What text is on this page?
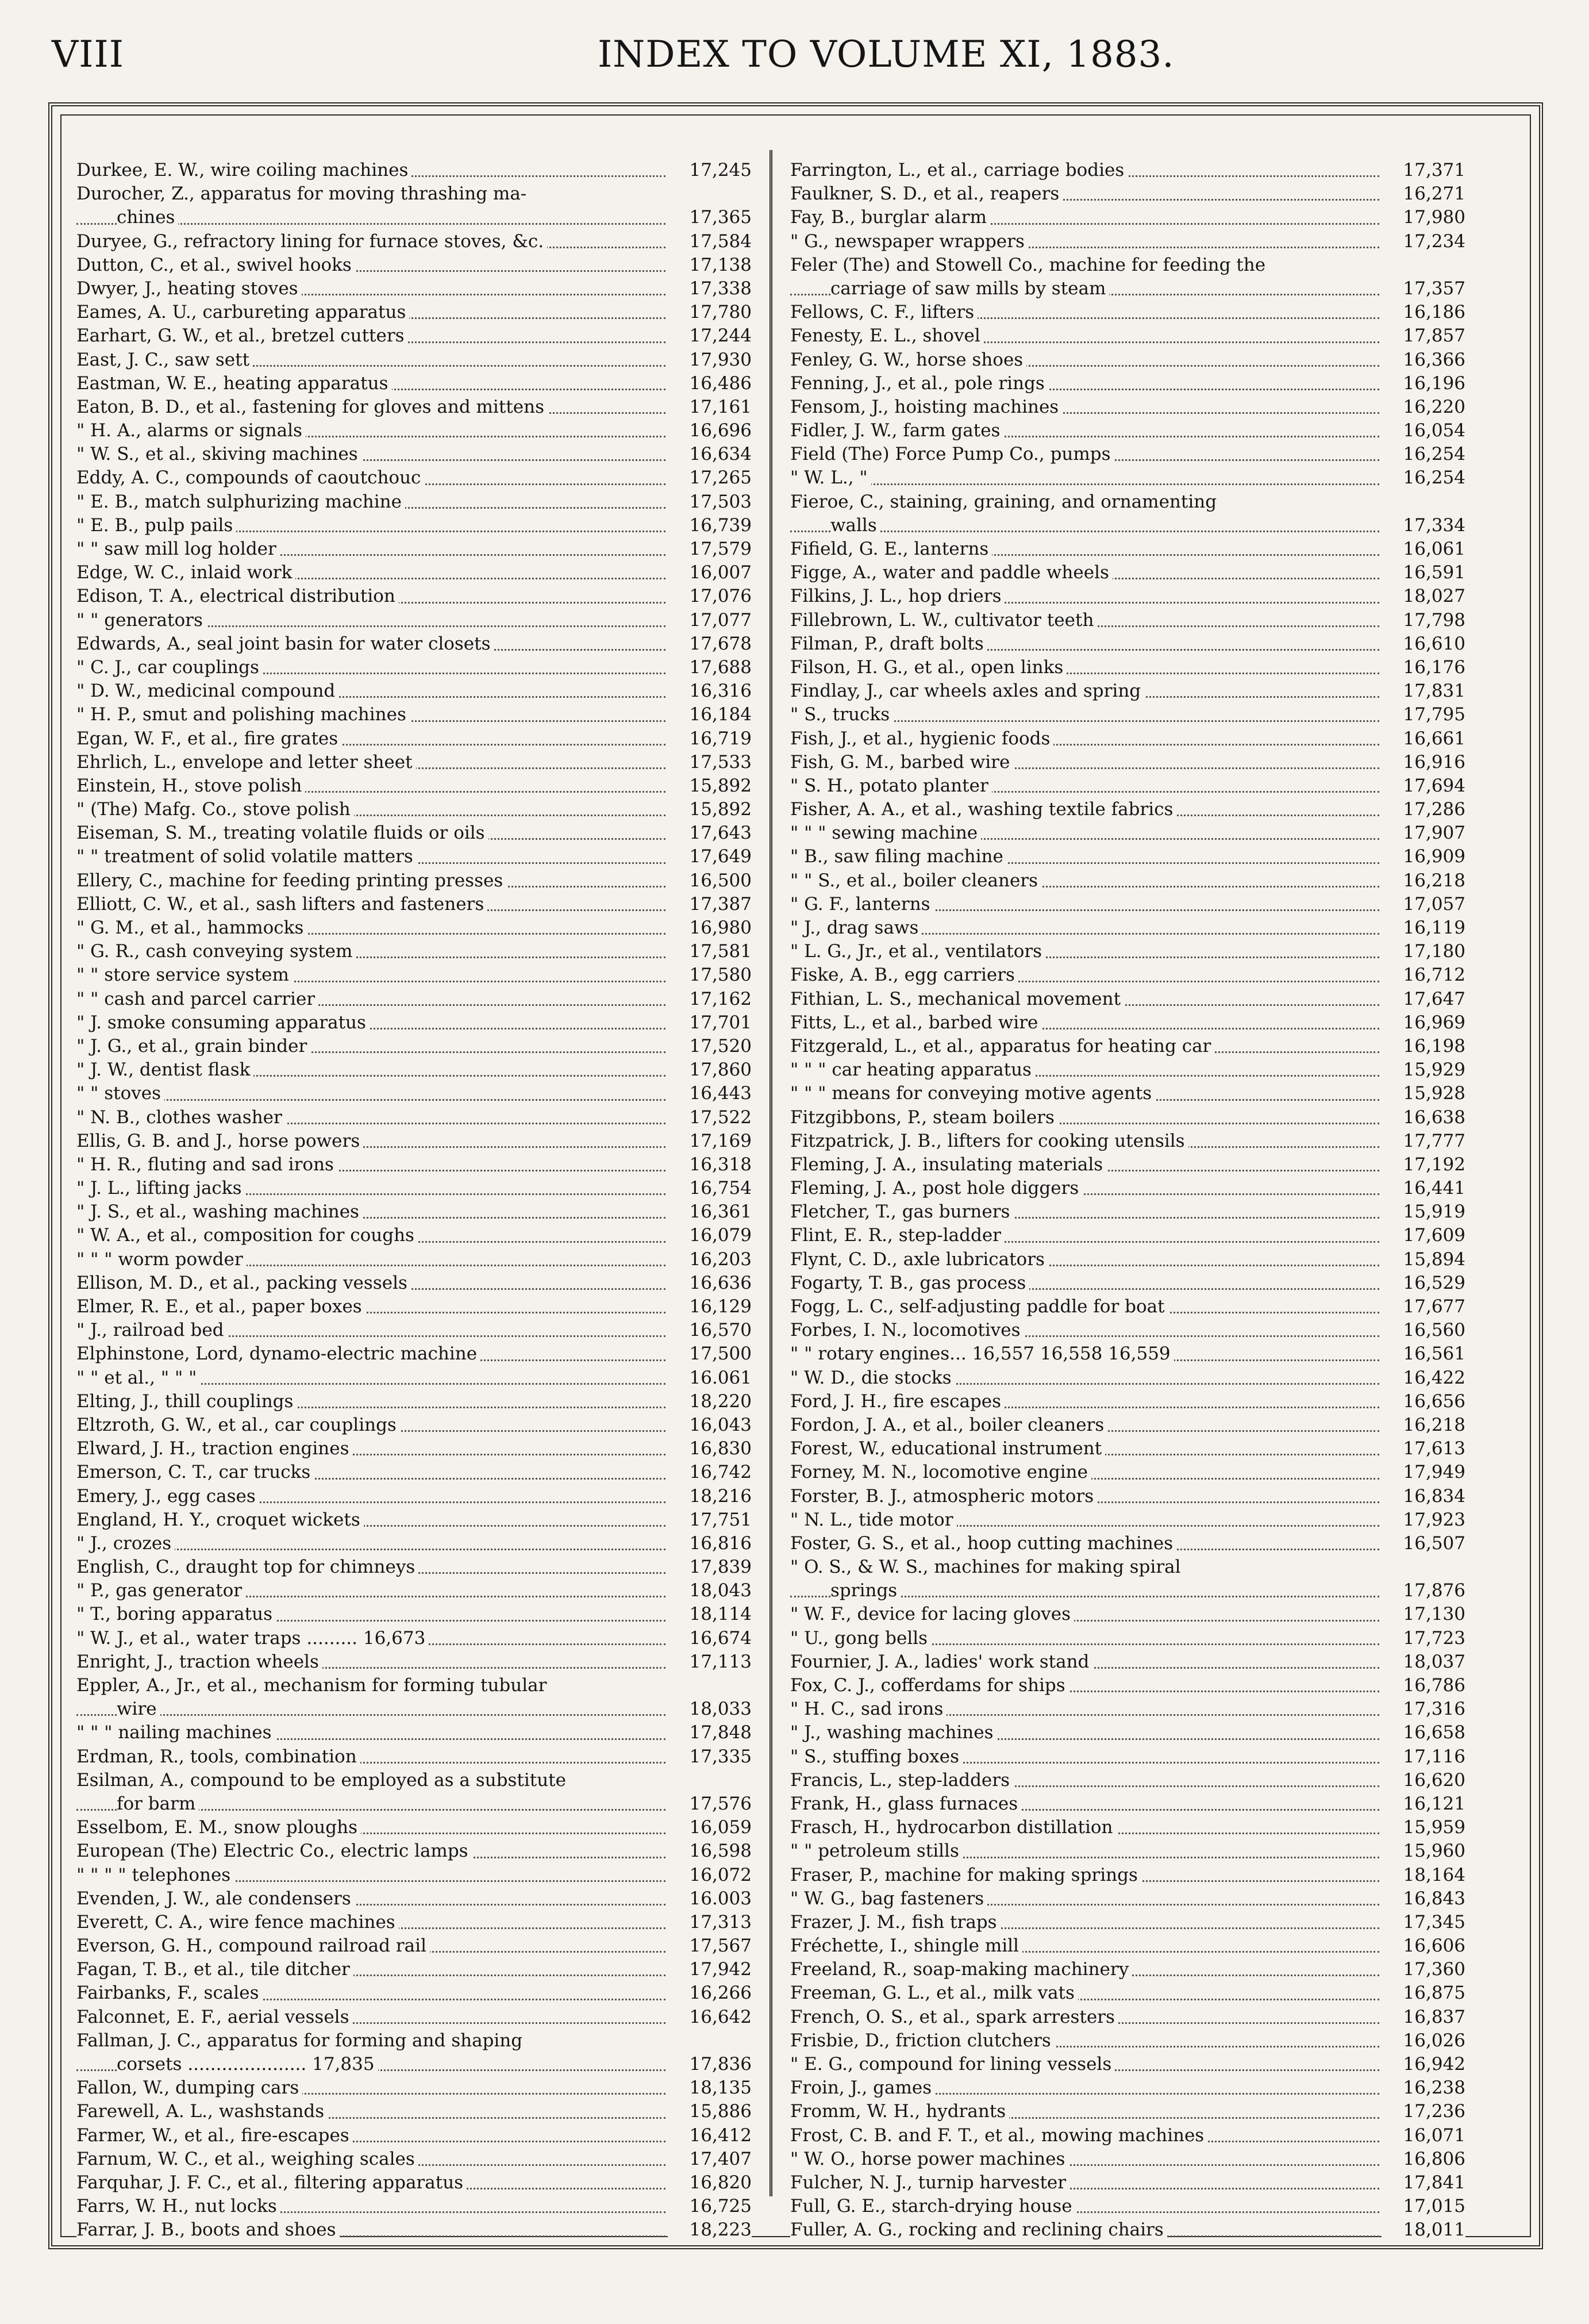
VIII	INDEX TO VOLUME XI, 1883.
Durkee, E. W., wire coiling machines	17,245
Durocher, Z., apparatus for moving thrashing ma-
chines	17,365
Duryee, G., refractory lining for furnace stoves, &c.	17,584
Dutton, C., et al., swivel hooks	17,138
Dwyer, J., heating stoves	17,338
Eames, A. U., carbureting apparatus	17,780
Earhart, G. W., et al., bretzel cutters	17,244
East, J. C., saw sett	17,930
Eastman, W. E., heating apparatus	16,486
Eaton, B. D., et al., fastening for gloves and mittens	17,161
" H. A., alarms or signals	16,696
" W. S., et al., skiving machines	16,634
Eddy, A. C., compounds of caoutchouc	17,265
" E. B., match sulphurizing machine	17,503
" E. B., pulp pails	16,739
" " saw mill log holder	17,579
Edge, W. C., inlaid work	16,007
Edison, T. A., electrical distribution	17,076
" " generators	17,077
Edwards, A., seal joint basin for water closets	17,678
" C. J., car couplings	17,688
" D. W., medicinal compound	16,316
" H. P., smut and polishing machines	16,184
Egan, W. F., et al., fire grates	16,719
Ehrlich, L., envelope and letter sheet	17,533
Einstein, H., stove polish	15,892
" (The) Mafg. Co., stove polish	15,892
Eiseman, S. M., treating volatile fluids or oils	17,643
" " treatment of solid volatile matters	17,649
Ellery, C., machine for feeding printing presses	16,500
Elliott, C. W., et al., sash lifters and fasteners	17,387
" G. M., et al., hammocks	16,980
" G. R., cash conveying system	17,581
" " store service system	17,580
" " cash and parcel carrier	17,162
" J. smoke consuming apparatus	17,701
" J. G., et al., grain binder	17,520
" J. W., dentist flask	17,860
" " stoves	16,443
" N. B., clothes washer	17,522
Ellis, G. B. and J., horse powers	17,169
" H. R., fluting and sad irons	16,318
" J. L., lifting jacks	16,754
" J. S., et al., washing machines	16,361
" W. A., et al., composition for coughs	16,079
" " " worm powder	16,203
Ellison, M. D., et al., packing vessels	16,636
Elmer, R. E., et al., paper boxes	16,129
" J., railroad bed	16,570
Elphinstone, Lord, dynamo-electric machine	17,500
" " et al., " " "	16.061
Elting, J., thill couplings	18,220
Eltzroth, G. W., et al., car couplings	16,043
Elward, J. H., traction engines	16,830
Emerson, C. T., car trucks	16,742
Emery, J., egg cases	18,216
England, H. Y., croquet wickets	17,751
" J., crozes	16,816
English, C., draught top for chimneys	17,839
" P., gas generator	18,043
" T., boring apparatus	18,114
" W. J., et al., water traps ......... 16,673	16,674
Enright, J., traction wheels	17,113
Eppler, A., Jr., et al., mechanism for forming tubular
wire	18,033
" " " nailing machines	17,848
Erdman, R., tools, combination	17,335
Esilman, A., compound to be employed as a substitute
for barm	17,576
Esselbom, E. M., snow ploughs	16,059
European (The) Electric Co., electric lamps	16,598
" " " " telephones	16,072
Evenden, J. W., ale condensers	16.003
Everett, C. A., wire fence machines	17,313
Everson, G. H., compound railroad rail	17,567
Fagan, T. B., et al., tile ditcher	17,942
Fairbanks, F., scales	16,266
Falconnet, E. F., aerial vessels	16,642
Fallman, J. C., apparatus for forming and shaping
corsets ..................... 17,835	17,836
Fallon, W., dumping cars	18,135
Farewell, A. L., washstands	15,886
Farmer, W., et al., fire-escapes	16,412
Farnum, W. C., et al., weighing scales	17,407
Farquhar, J. F. C., et al., filtering apparatus	16,820
Farrs, W. H., nut locks	16,725
Farrar, J. B., boots and shoes	18,223
Farrington, L., et al., carriage bodies	17,371
Faulkner, S. D., et al., reapers	16,271
Fay, B., burglar alarm	17,980
" G., newspaper wrappers	17,234
Feler (The) and Stowell Co., machine for feeding the
carriage of saw mills by steam	17,357
Fellows, C. F., lifters	16,186
Fenesty, E. L., shovel	17,857
Fenley, G. W., horse shoes	16,366
Fenning, J., et al., pole rings	16,196
Fensom, J., hoisting machines	16,220
Fidler, J. W., farm gates	16,054
Field (The) Force Pump Co., pumps	16,254
" W. L., "	16,254
Fieroe, C., staining, graining, and ornamenting
walls	17,334
Fifield, G. E., lanterns	16,061
Figge, A., water and paddle wheels	16,591
Filkins, J. L., hop driers	18,027
Fillebrown, L. W., cultivator teeth	17,798
Filman, P., draft bolts	16,610
Filson, H. G., et al., open links	16,176
Findlay, J., car wheels axles and spring	17,831
" S., trucks	17,795
Fish, J., et al., hygienic foods	16,661
Fish, G. M., barbed wire	16,916
" S. H., potato planter	17,694
Fisher, A. A., et al., washing textile fabrics	17,286
" " " sewing machine	17,907
" B., saw filing machine	16,909
" " S., et al., boiler cleaners	16,218
" G. F., lanterns	17,057
" J., drag saws	16,119
" L. G., Jr., et al., ventilators	17,180
Fiske, A. B., egg carriers	16,712
Fithian, L. S., mechanical movement	17,647
Fitts, L., et al., barbed wire	16,969
Fitzgerald, L., et al., apparatus for heating car	16,198
" " " car heating apparatus	15,929
" " " means for conveying motive agents	15,928
Fitzgibbons, P., steam boilers	16,638
Fitzpatrick, J. B., lifters for cooking utensils	17,777
Fleming, J. A., insulating materials	17,192
Fleming, J. A., post hole diggers	16,441
Fletcher, T., gas burners	15,919
Flint, E. R., step-ladder	17,609
Flynt, C. D., axle lubricators	15,894
Fogarty, T. B., gas process	16,529
Fogg, L. C., self-adjusting paddle for boat	17,677
Forbes, I. N., locomotives	16,560
" " rotary engines... 16,557 16,558 16,559	16,561
" W. D., die stocks	16,422
Ford, J. H., fire escapes	16,656
Fordon, J. A., et al., boiler cleaners	16,218
Forest, W., educational instrument	17,613
Forney, M. N., locomotive engine	17,949
Forster, B. J., atmospheric motors	16,834
" N. L., tide motor	17,923
Foster, G. S., et al., hoop cutting machines	16,507
" O. S., & W. S., machines for making spiral
springs	17,876
" W. F., device for lacing gloves	17,130
" U., gong bells	17,723
Fournier, J. A., ladies' work stand	18,037
Fox, C. J., cofferdams for ships	16,786
" H. C., sad irons	17,316
" J., washing machines	16,658
" S., stuffing boxes	17,116
Francis, L., step-ladders	16,620
Frank, H., glass furnaces	16,121
Frasch, H., hydrocarbon distillation	15,959
" " petroleum stills	15,960
Fraser, P., machine for making springs	18,164
" W. G., bag fasteners	16,843
Frazer, J. M., fish traps	17,345
Fréchette, I., shingle mill	16,606
Freeland, R., soap-making machinery	17,360
Freeman, G. L., et al., milk vats	16,875
French, O. S., et al., spark arresters	16,837
Frisbie, D., friction clutchers	16,026
" E. G., compound for lining vessels	16,942
Froin, J., games	16,238
Fromm, W. H., hydrants	17,236
Frost, C. B. and F. T., et al., mowing machines	16,071
" W. O., horse power machines	16,806
Fulcher, N. J., turnip harvester	17,841
Full, G. E., starch-drying house	17,015
Fuller, A. G., rocking and reclining chairs	18,011
